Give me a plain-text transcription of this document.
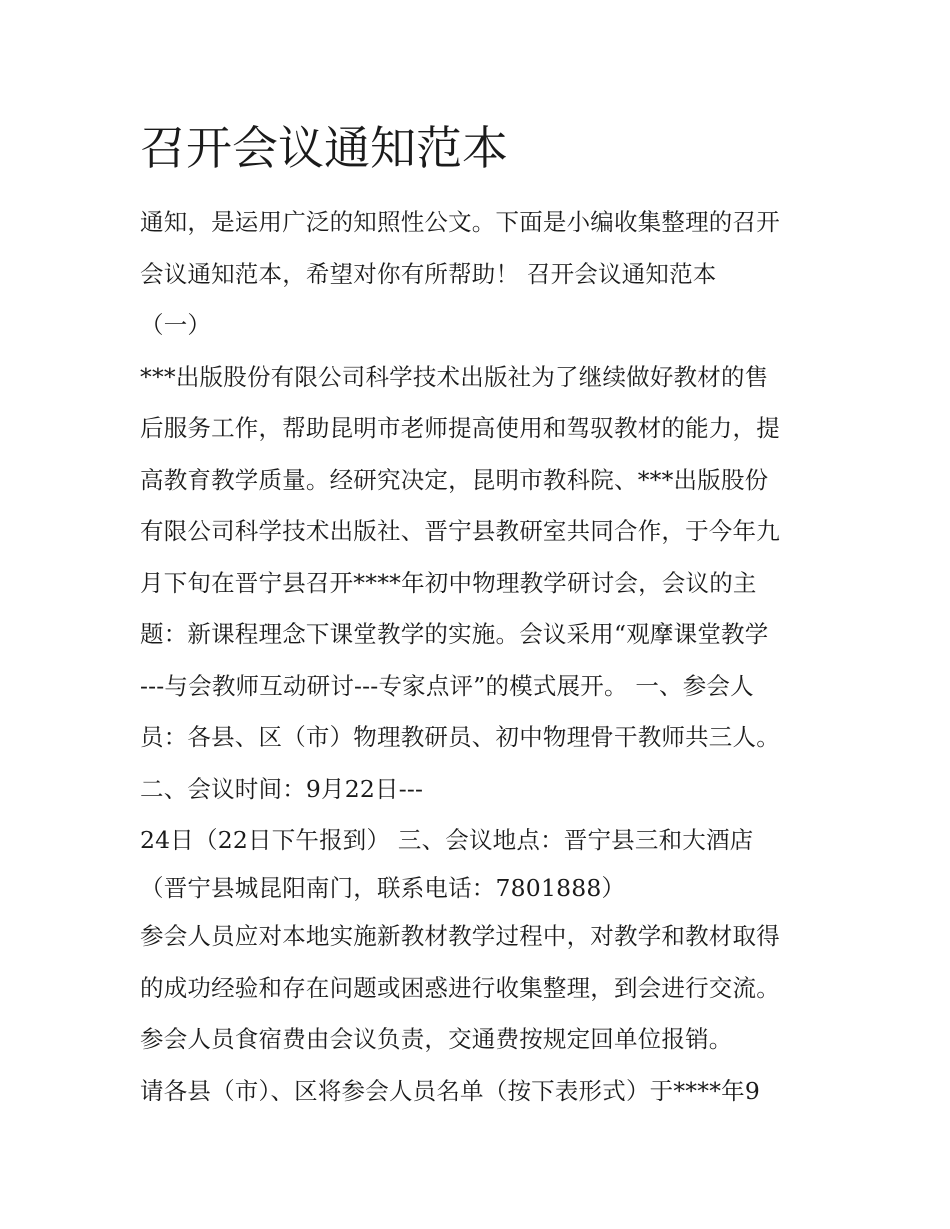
召开会议通知范本
通知，是运用广泛的知照性公文。下面是小编收集整理的召开
会议通知范本，希望对你有所帮助！ 召开会议通知范本
（一）
***出版股份有限公司科学技术出版社为了继续做好教材的售
后服务工作，帮助昆明市老师提高使用和驾驭教材的能力，提
高教育教学质量。经研究决定，昆明市教科院、***出版股份
有限公司科学技术出版社、晋宁县教研室共同合作，于今年九
月下旬在晋宁县召开****年初中物理教学研讨会，会议的主
题：新课程理念下课堂教学的实施。会议采用“观摩课堂教学
---与会教师互动研讨---专家点评”的模式展开。 一、参会人
员：各县、区（市）物理教研员、初中物理骨干教师共三人。
二、会议时间：9月22日---
24日（22日下午报到） 三、会议地点：晋宁县三和大酒店
（晋宁县城昆阳南门，联系电话：7801888）
参会人员应对本地实施新教材教学过程中，对教学和教材取得
的成功经验和存在问题或困惑进行收集整理，到会进行交流。
参会人员食宿费由会议负责，交通费按规定回单位报销。
请各县（市）、区将参会人员名单（按下表形式）于****年9
